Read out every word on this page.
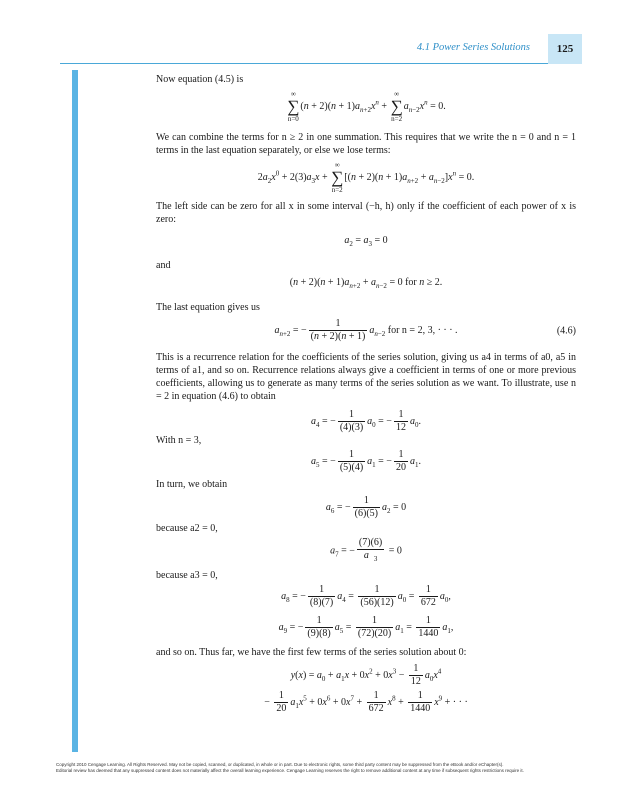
4.1 Power Series Solutions	125

Now equation (4.5) is

∞
∑
$n=0(n + 2)(n + 1)a_{n+2}x^n$ + ∞
∑
$n=2a_{n-2}x^n = 0$.

We can combine the terms for n ≥ 2 in one summation. This requires that we write the n = 0 and n = 1 terms in the last equation separately, or else we lose terms:

$2a_2x^0 + 2(3)a_3x$ + ∞
∑
$n=2[(n + 2)(n + 1)a_{n+2} + a_{n-2}]x^n = 0$.

The left side can be zero for all x in some interval (−h, h) only if the coefficient of each power of x is zero:

$a_2 = a_3 = 0$

and

$(n + 2)(n + 1)a_{n+2} + a_{n-2} = 0$ for n ≥ 2.

The last equation gives us

$a_{n+2}$ = − $\frac{1}{(n + 2)(n + 1)} a_{n-2}$ for n = 2, 3, · · · .	(4.6)

This is a recurrence relation for the coefficients of the series solution, giving us a4 in terms of a0, a5 in terms of a1, and so on. Recurrence relations always give a coefficient in terms of one or more previous coefficients, allowing us to generate as many terms of the series solution as we want. To illustrate, use n = 2 in equation (4.6) to obtain

$a_4$ = − $\frac{1}{(4)(3)} a_0$ = − $\frac{1}{12} a_0$.

With n = 3,

$a_5$ = − $\frac{1}{(5)(4)} a_1$ = − $\frac{1}{20} a_1$.

In turn, we obtain

$a_6$ = − $\frac{1}{(6)(5)} a_2 = 0$

because a2 = 0,

$a_7$ = − $\frac{(7)(6)}{a _3} = 0$

because a3 = 0,

$a_8$ = − $\frac{1}{(8)(7)} a_4 = \frac{1}{(56)(12)} a_0 = \frac{1}{672} a_0$,
$a_9$ = − $\frac{1}{(9)(8)} a_5 = \frac{1}{(72)(20)} a_1 = \frac{1}{1440} a_1$,

and so on. Thus far, we have the first few terms of the series solution about 0:

$y(x) = a_0 + a_1x + 0x^2 + 0x^3 - \frac{1}{12} a_0x^4$
− $\frac{1}{20} a_1x^5 + 0x^6 + 0x^7 + \frac{1}{672} x^8 + \frac{1}{1440} x^9$ + · · ·
Copyright 2010 Cengage Learning. All Rights Reserved. May not be copied, scanned, or duplicated, in whole or in part. Due to electronic rights, some third party content may be suppressed from the eBook and/or eChapter(s).
Editorial review has deemed that any suppressed content does not materially affect the overall learning experience. Cengage Learning reserves the right to remove additional content at any time if subsequent rights restrictions require it.
